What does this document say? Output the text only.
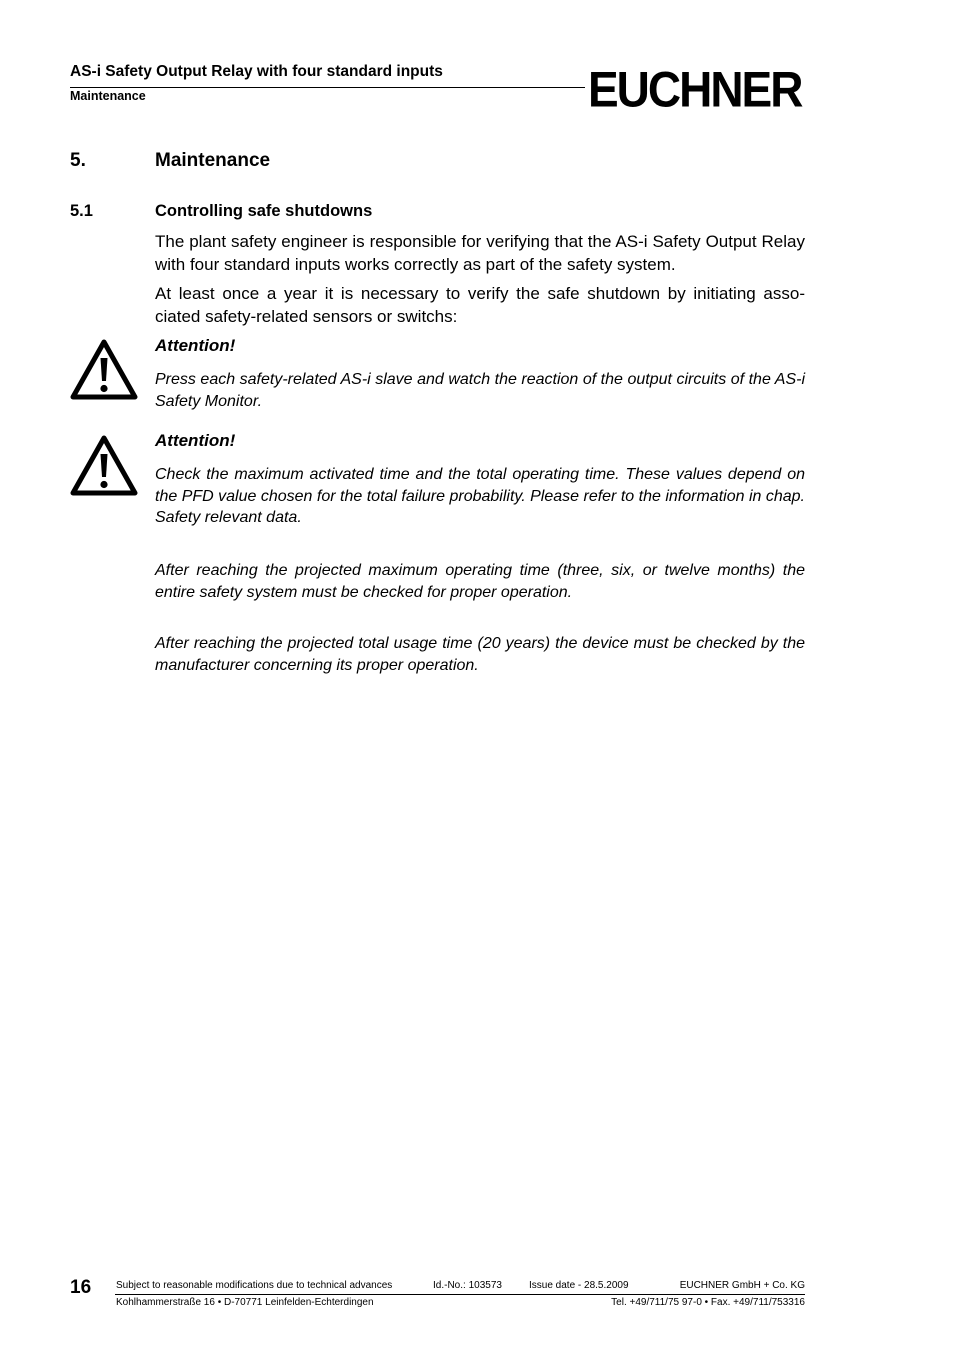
AS-i Safety Output Relay with four standard inputs
Maintenance	EUCHNER
5.	Maintenance
5.1	Controlling safe shutdowns
The plant safety engineer is responsible for verifying that the AS-i Safety Output Relay with four standard inputs works correctly as part of the safety system.
At least once a year it is necessary to verify the safe shutdown by initiating asso-ciated safety-related sensors or switchs:
Attention!
Press each safety-related AS-i slave and watch the reaction of the output circuits of the AS-i Safety Monitor.
Attention!
Check the maximum activated time and the total operating time. These values depend on the PFD value chosen for the total failure probability. Please refer to the information in chap. Safety relevant data.
After reaching the projected maximum operating time (three, six, or twelve months) the entire safety system must be checked for proper operation.
After reaching the projected total usage time (20 years) the device must be checked by the manufacturer concerning its proper operation.
16 Subject to reasonable modifications due to technical advances	Id.-No.: 103573	Issue date - 28.5.2009	EUCHNER GmbH + Co. KG
Kohlhammerstraße 16 • D-70771 Leinfelden-Echterdingen	Tel. +49/711/75 97-0 • Fax. +49/711/753316
